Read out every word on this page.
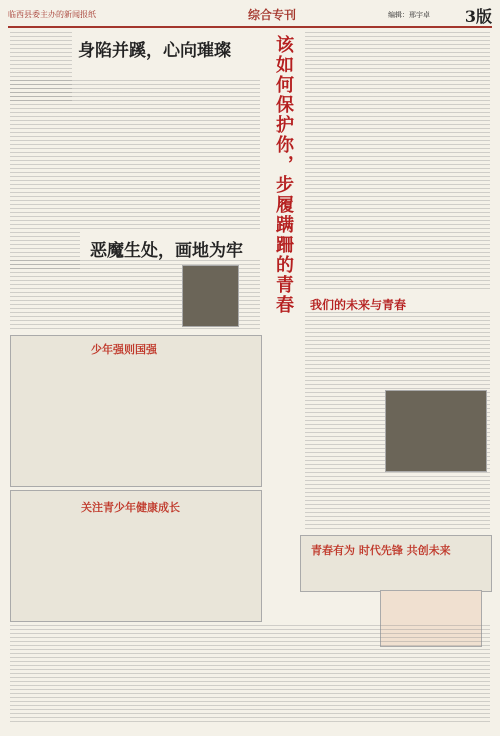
临西县委主办的新闻报纸	综合专刊	编辑：邢宇卓 3版
身陷并蹊，心向璀璨 该如何保护你，步履蹒跚的青春
恶魔生处，画地为牢
我们的未来与青春
少年强则国强
关注青少年健康成长
青春有为 时代先锋 共创未来
